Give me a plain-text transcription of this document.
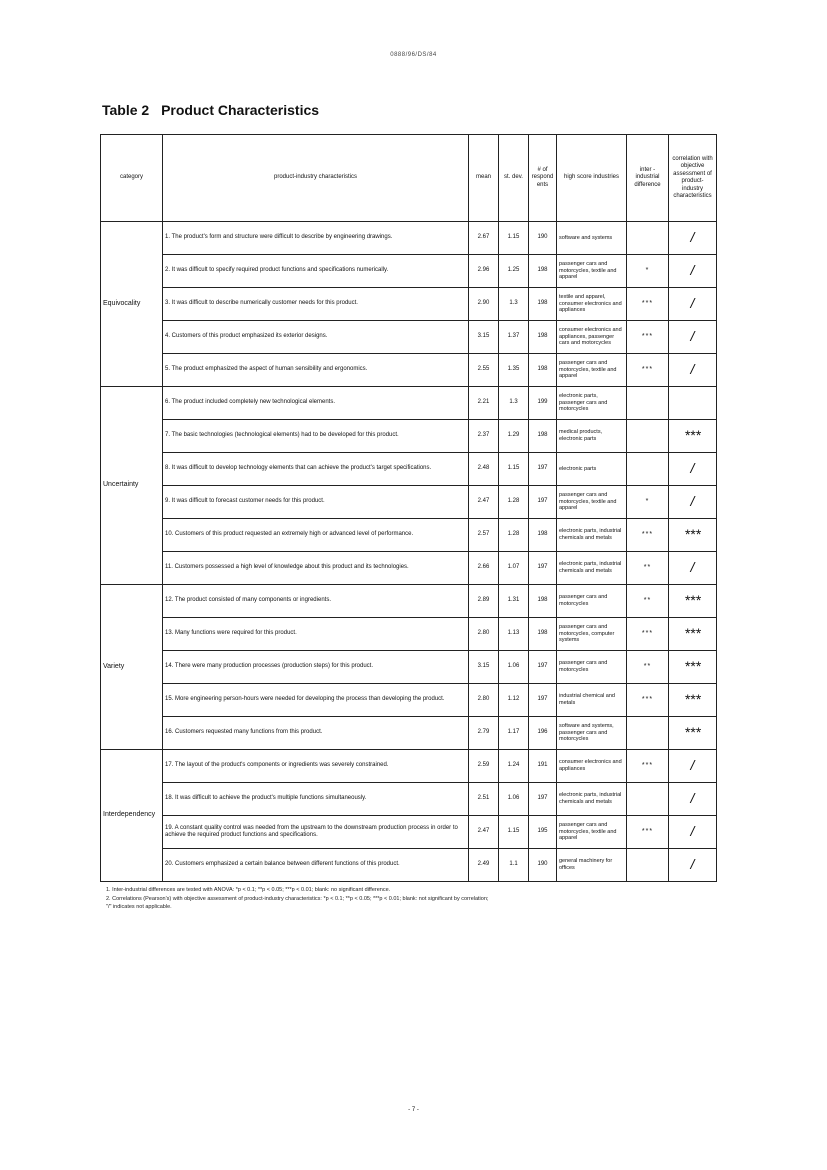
0888/96/DS/84
Table 2 Product Characteristics
category	product-industry characteristics	mean	st. dev.	# of respond ents	high score industries	inter -industrial difference	correlation with objective assessment of product-industry characteristics
Equivocality	1. The product's form and structure were difficult to describe by engineering drawings.	2.67	1.15	190	software and systems		/
	2. It was difficult to specify required product functions and specifications numerically.	2.96	1.25	198	passenger cars and motorcycles, textile and apparel	*	/
	3. It was difficult to describe numerically customer needs for this product.	2.90	1.3	198	textile and apparel, consumer electronics and appliances	***	/
	4. Customers of this product emphasized its exterior designs.	3.15	1.37	198	consumer electronics and appliances, passenger cars and motorcycles	***	/
	5. The product emphasized the aspect of human sensibility and ergonomics.	2.55	1.35	198	passenger cars and motorcycles, textile and apparel	***	/
Uncertainty	6. The product included completely new technological elements.	2.21	1.3	199	electronic parts, passenger cars and motorcycles		
	7. The basic technologies (technological elements) had to be developed for this product.	2.37	1.29	198	medical products, electronic parts		***
	8. It was difficult to develop technology elements that can achieve the product's target specifications.	2.48	1.15	197	electronic parts		/
	9. It was difficult to forecast customer needs for this product.	2.47	1.28	197	passenger cars and motorcycles, textile and apparel	*	/
	10. Customers of this product requested an extremely high or advanced level of performance.	2.57	1.28	198	electronic parts, industrial chemicals and metals	***	***
	11. Customers possessed a high level of knowledge about this product and its technologies.	2.66	1.07	197	electronic parts, industrial chemicals and metals	**	/
Variety	12. The product consisted of many components or ingredients.	2.89	1.31	198	passenger cars and motorcycles	**	***
	13. Many functions were required for this product.	2.80	1.13	198	passenger cars and motorcycles, computer systems	***	***
	14. There were many production processes (production steps) for this product.	3.15	1.06	197	passenger cars and motorcycles	**	***
	15. More engineering person-hours were needed for developing the process than developing the product.	2.80	1.12	197	industrial chemical and metals	***	***
	16. Customers requested many functions from this product.	2.79	1.17	196	software and systems, passenger cars and motorcycles		***
Interdependency	17. The layout of the product's components or ingredients was severely constrained.	2.59	1.24	191	consumer electronics and appliances	***	/
	18. It was difficult to achieve the product's multiple functions simultaneously.	2.51	1.06	197	electronic parts, industrial chemicals and metals		/
	19. A constant quality control was needed from the upstream to the downstream production process in order to achieve the required product functions and specifications.	2.47	1.15	195	passenger cars and motorcycles, textile and apparel	***	/
	20. Customers emphasized a certain balance between different functions of this product.	2.49	1.1	190	general machinery for offices		/
1. Inter-industrial differences are tested with ANOVA: *p < 0.1; **p < 0.05; ***p < 0.01; blank: no significant difference.
2. Correlations (Pearson's) with objective assessment of product-industry characteristics: *p < 0.1; **p < 0.05; ***p < 0.01; blank: not significant by correlation;
"/" indicates not applicable.
- 7 -
